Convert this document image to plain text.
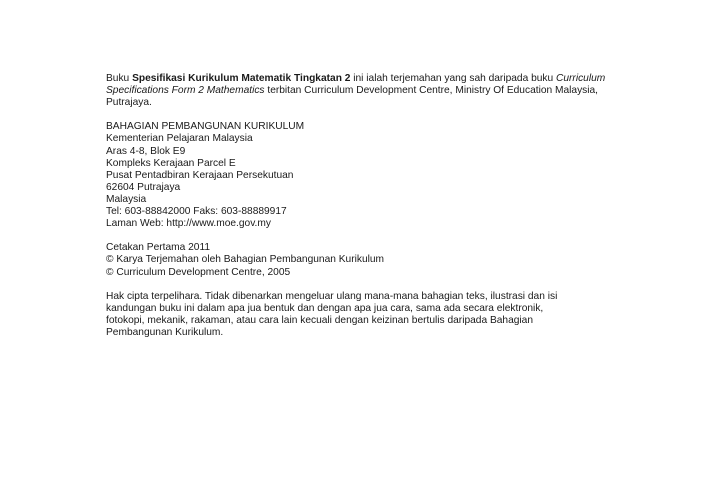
Buku Spesifikasi Kurikulum Matematik Tingkatan 2 ini ialah terjemahan yang sah daripada buku Curriculum
Specifications Form 2 Mathematics terbitan Curriculum Development Centre, Ministry Of Education Malaysia,
Putrajaya.

BAHAGIAN PEMBANGUNAN KURIKULUM
Kementerian Pelajaran Malaysia
Aras 4-8, Blok E9
Kompleks Kerajaan Parcel E
Pusat Pentadbiran Kerajaan Persekutuan
62604 Putrajaya
Malaysia
Tel: 603-88842000 Faks: 603-88889917
Laman Web: http://www.moe.gov.my

Cetakan Pertama 2011
© Karya Terjemahan oleh Bahagian Pembangunan Kurikulum
© Curriculum Development Centre, 2005

Hak cipta terpelihara. Tidak dibenarkan mengeluar ulang mana-mana bahagian teks, ilustrasi dan isi
kandungan buku ini dalam apa jua bentuk dan dengan apa jua cara, sama ada secara elektronik,
fotokopi, mekanik, rakaman, atau cara lain kecuali dengan keizinan bertulis daripada Bahagian
Pembangunan Kurikulum.
